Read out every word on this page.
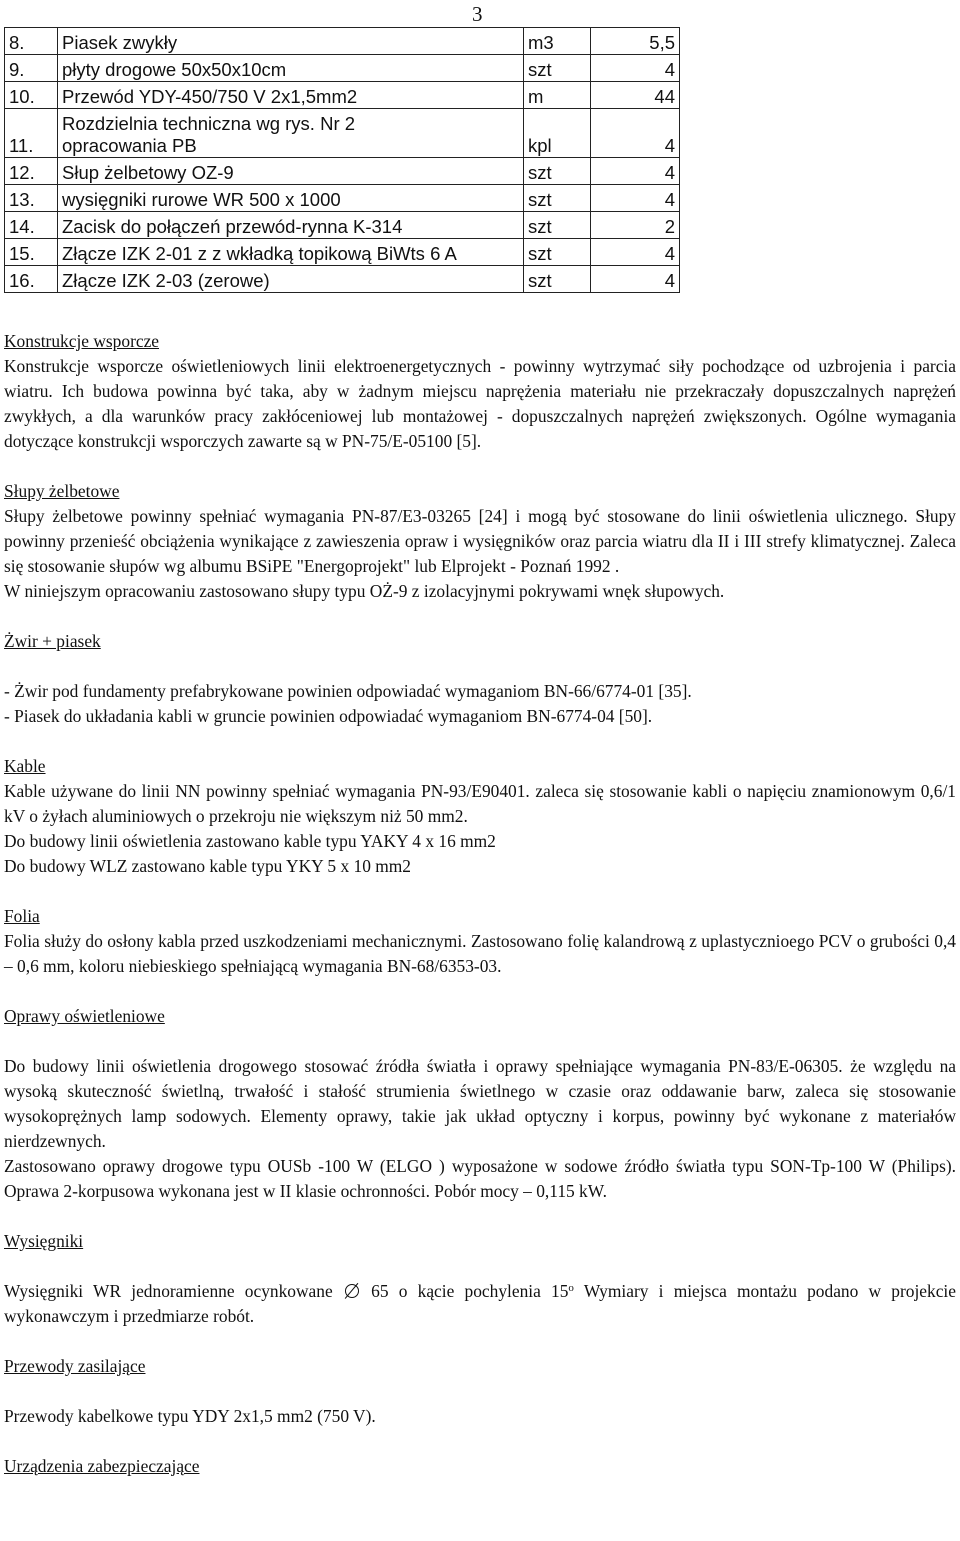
3
8.	Piasek zwykły	m3	5,5
9.	płyty drogowe 50x50x10cm	szt	4
10.	Przewód YDY-450/750 V 2x1,5mm2	m	44
11.	Rozdzielnia techniczna wg rys. Nr 2
opracowania PB	kpl	4
12.	Słup żelbetowy OZ-9	szt	4
13.	wysięgniki rurowe WR 500 x 1000	szt	4
14.	Zacisk do połączeń przewód-rynna K-314	szt	2
15.	Złącze IZK 2-01 z z wkładką topikową BiWts 6 A	szt	4
16.	Złącze IZK 2-03 (zerowe)	szt	4
Konstrukcje wsporcze

Konstrukcje wsporcze oświetleniowych linii elektroenergetycznych - powinny wytrzymać siły pochodzące od uzbrojenia i parcia wiatru. Ich budowa powinna być taka, aby w żadnym miejscu naprężenia materiału nie przekraczały dopuszczalnych naprężeń zwykłych, a dla warunków pracy zakłóceniowej lub montażowej - dopuszczalnych naprężeń zwiększonych. Ogólne wymagania dotyczące konstrukcji wsporczych zawarte są w PN-75/E-05100 [5].

Słupy żelbetowe

Słupy żelbetowe powinny spełniać wymagania PN-87/E3-03265 [24] i mogą być stosowane do linii oświetlenia ulicznego. Słupy powinny przenieść obciążenia wynikające z zawieszenia opraw i wysięgników oraz parcia wiatru dla II i III strefy klimatycznej. Zaleca się stosowanie słupów wg albumu BSiPE "Energoprojekt" lub Elprojekt - Poznań 1992 .

W niniejszym opracowaniu zastosowano słupy typu OŻ-9 z izolacyjnymi pokrywami wnęk słupowych.

Żwir + piasek

- Żwir pod fundamenty prefabrykowane powinien odpowiadać wymaganiom BN-66/6774-01 [35].

- Piasek do układania kabli w gruncie powinien odpowiadać wymaganiom BN-6774-04 [50].

Kable

Kable używane do linii NN powinny spełniać wymagania PN-93/E90401. zaleca się stosowanie kabli o napięciu znamionowym 0,6/1 kV o żyłach aluminiowych o przekroju nie większym niż 50 mm2.

Do budowy linii oświetlenia zastowano kable typu YAKY 4 x 16 mm2

Do budowy WLZ zastowano kable typu YKY 5 x 10 mm2

Folia

Folia służy do osłony kabla przed uszkodzeniami mechanicznymi. Zastosowano folię kalandrową z uplastycznioego PCV o grubości 0,4 – 0,6 mm, koloru niebieskiego spełniającą wymagania BN-68/6353-03.

Oprawy oświetleniowe

Do budowy linii oświetlenia drogowego stosować źródła światła i oprawy spełniające wymagania PN-83/E-06305. że względu na wysoką skuteczność świetlną, trwałość i stałość strumienia świetlnego w czasie oraz oddawanie barw, zaleca się stosowanie wysokoprężnych lamp sodowych. Elementy oprawy, takie jak układ optyczny i korpus, powinny być wykonane z materiałów nierdzewnych.

Zastosowano oprawy drogowe typu OUSb -100 W (ELGO ) wyposażone w sodowe źródło światła typu SON-Tp-100 W (Philips). Oprawa 2-korpusowa wykonana jest w II klasie ochronności. Pobór mocy – 0,115 kW.

Wysięgniki

Wysięgniki WR jednoramienne ocynkowane 65 o kącie pochylenia 15$^o$ Wymiary i miejsca montażu podano w projekcie wykonawczym i przedmiarze robót.

Przewody zasilające

Przewody kabelkowe typu YDY 2x1,5 mm2 (750 V).

Urządzenia zabezpieczające
